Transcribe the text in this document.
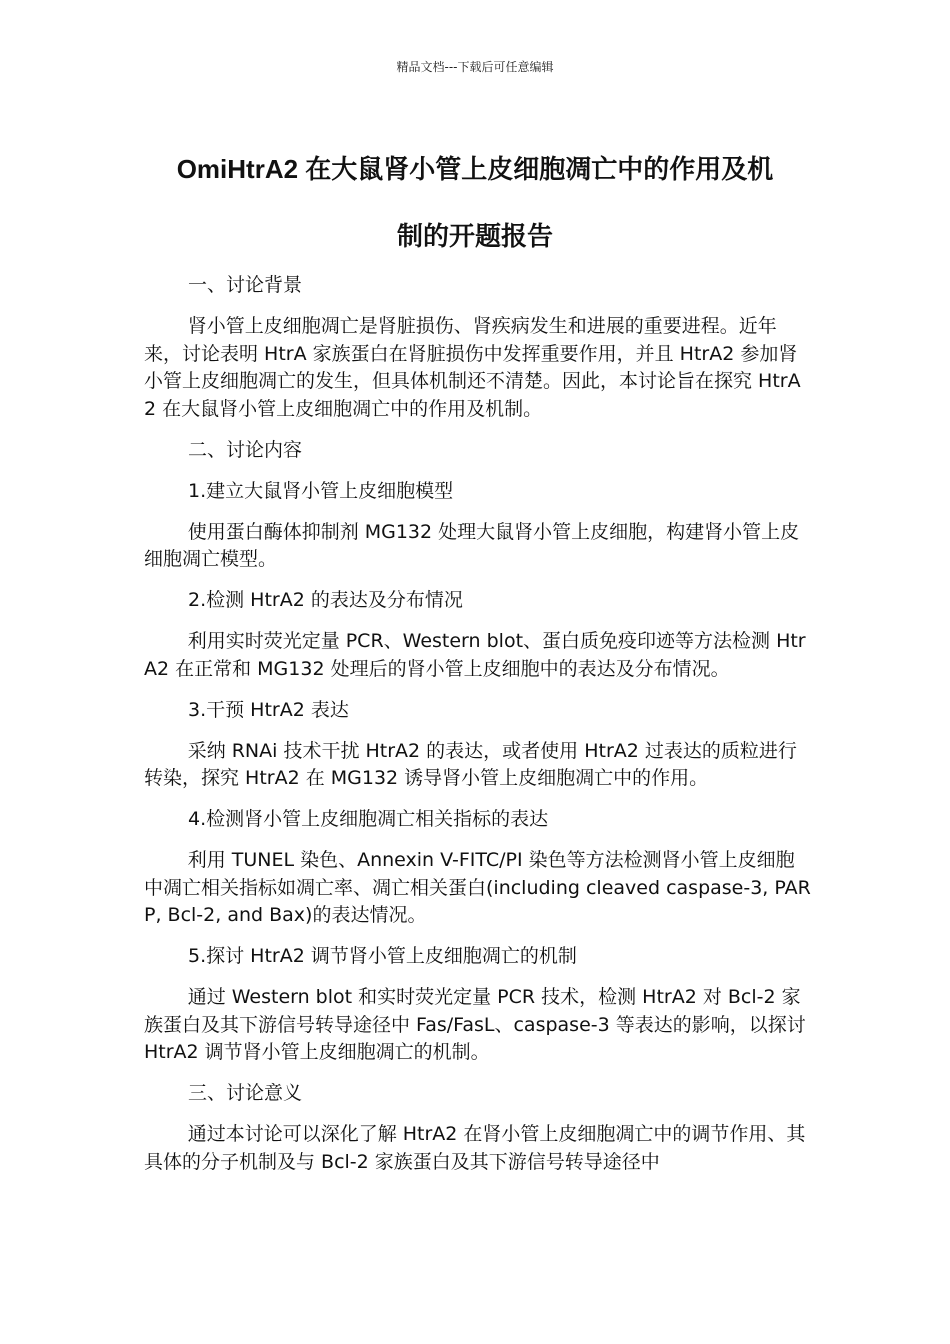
精品文档---下载后可任意编辑
OmiHtrA2 在大鼠肾小管上皮细胞凋亡中的作用及机
制的开题报告
一、讨论背景
肾小管上皮细胞凋亡是肾脏损伤、肾疾病发生和进展的重要进程。近年来，讨论表明 HtrA 家族蛋白在肾脏损伤中发挥重要作用，并且 HtrA2 参加肾小管上皮细胞凋亡的发生，但具体机制还不清楚。因此，本讨论旨在探究 HtrA2 在大鼠肾小管上皮细胞凋亡中的作用及机制。
二、讨论内容
1.建立大鼠肾小管上皮细胞模型
使用蛋白酶体抑制剂 MG132 处理大鼠肾小管上皮细胞，构建肾小管上皮细胞凋亡模型。
2.检测 HtrA2 的表达及分布情况
利用实时荧光定量 PCR、Western blot、蛋白质免疫印迹等方法检测 HtrA2 在正常和 MG132 处理后的肾小管上皮细胞中的表达及分布情况。
3.干预 HtrA2 表达
采纳 RNAi 技术干扰 HtrA2 的表达，或者使用 HtrA2 过表达的质粒进行转染，探究 HtrA2 在 MG132 诱导肾小管上皮细胞凋亡中的作用。
4.检测肾小管上皮细胞凋亡相关指标的表达
利用 TUNEL 染色、Annexin V-FITC/PI 染色等方法检测肾小管上皮细胞中凋亡相关指标如凋亡率、凋亡相关蛋白(including cleaved caspase-3, PARP, Bcl-2, and Bax)的表达情况。
5.探讨 HtrA2 调节肾小管上皮细胞凋亡的机制
通过 Western blot 和实时荧光定量 PCR 技术，检测 HtrA2 对 Bcl-2 家族蛋白及其下游信号转导途径中 Fas/FasL、caspase-3 等表达的影响，以探讨 HtrA2 调节肾小管上皮细胞凋亡的机制。
三、讨论意义
通过本讨论可以深化了解 HtrA2 在肾小管上皮细胞凋亡中的调节作用、其具体的分子机制及与 Bcl-2 家族蛋白及其下游信号转导途径中
